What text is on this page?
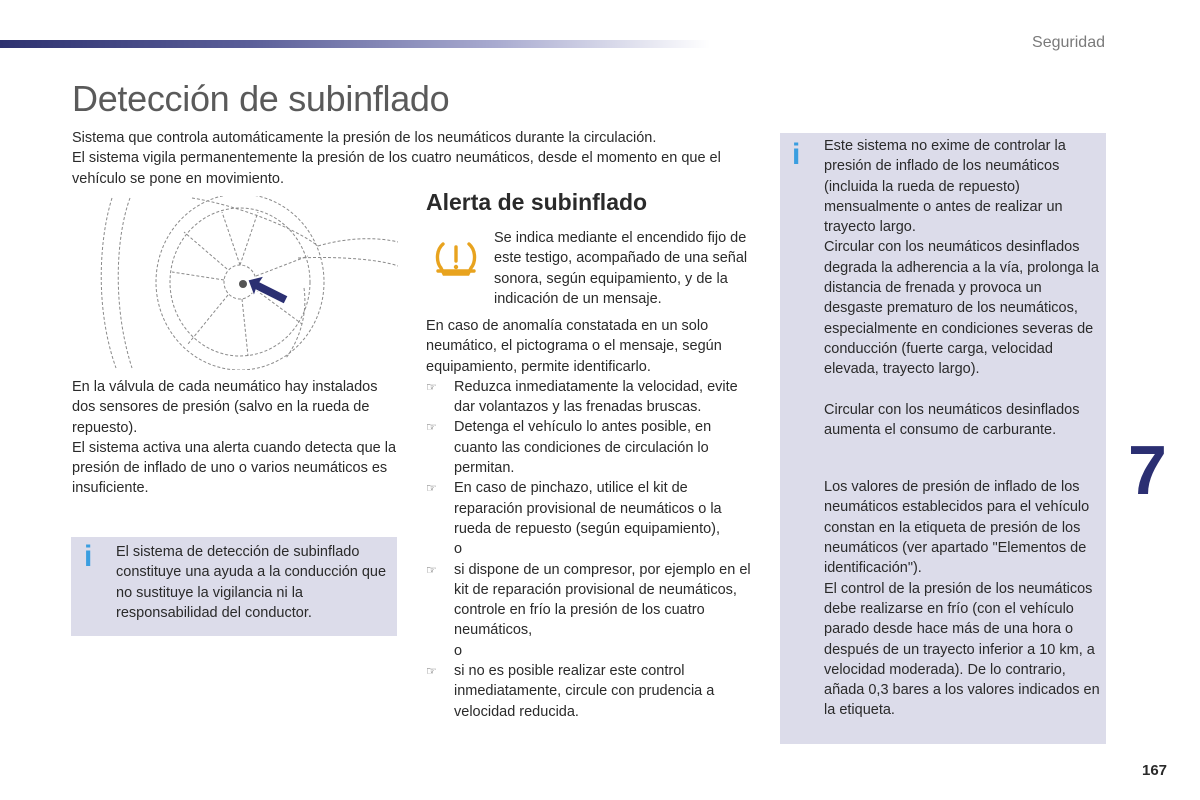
Seguridad
Detección de subinflado

Sistema que controla automáticamente la presión de los neumáticos durante la circulación.

El sistema vigila permanentemente la presión de los cuatro neumáticos, desde el momento en que el vehículo se pone en movimiento.

En la válvula de cada neumático hay instalados dos sensores de presión (salvo en la rueda de repuesto).

El sistema activa una alerta cuando detecta que la presión de inflado de uno o varios neumáticos es insuficiente.

i El sistema de detección de subinflado constituye una ayuda a la conducción que no sustituye la vigilancia ni la responsabilidad del conductor.

Alerta de subinflado

Se indica mediante el encendido fijo de este testigo, acompañado de una señal sonora, según equipamiento, y de la indicación de un mensaje.

En caso de anomalía constatada en un solo neumático, el pictograma o el mensaje, según equipamiento, permite identificarlo.

☞ Reduzca inmediatamente la velocidad, evite dar volantazos y las frenadas bruscas.
☞ Detenga el vehículo lo antes posible, en cuanto las condiciones de circulación lo permitan.
☞ En caso de pinchazo, utilice el kit de reparación provisional de neumáticos o la rueda de repuesto (según equipamiento),
o
☞ si dispone de un compresor, por ejemplo en el kit de reparación provisional de neumáticos, controle en frío la presión de los cuatro neumáticos,
o
☞ si no es posible realizar este control inmediatamente, circule con prudencia a velocidad reducida.
i Este sistema no exime de controlar la presión de inflado de los neumáticos (incluida la rueda de repuesto) mensualmente o antes de realizar un trayecto largo.

Circular con los neumáticos desinflados degrada la adherencia a la vía, prolonga la distancia de frenada y provoca un desgaste prematuro de los neumáticos, especialmente en condiciones severas de conducción (fuerte carga, velocidad elevada, trayecto largo).

Circular con los neumáticos desinflados aumenta el consumo de carburante.

Los valores de presión de inflado de los neumáticos establecidos para el vehículo constan en la etiqueta de presión de los neumáticos (ver apartado "Elementos de identificación").

El control de la presión de los neumáticos debe realizarse en frío (con el vehículo parado desde hace más de una hora o después de un trayecto inferior a 10 km, a velocidad moderada). De lo contrario, añada 0,3 bares a los valores indicados en la etiqueta.

7
167
